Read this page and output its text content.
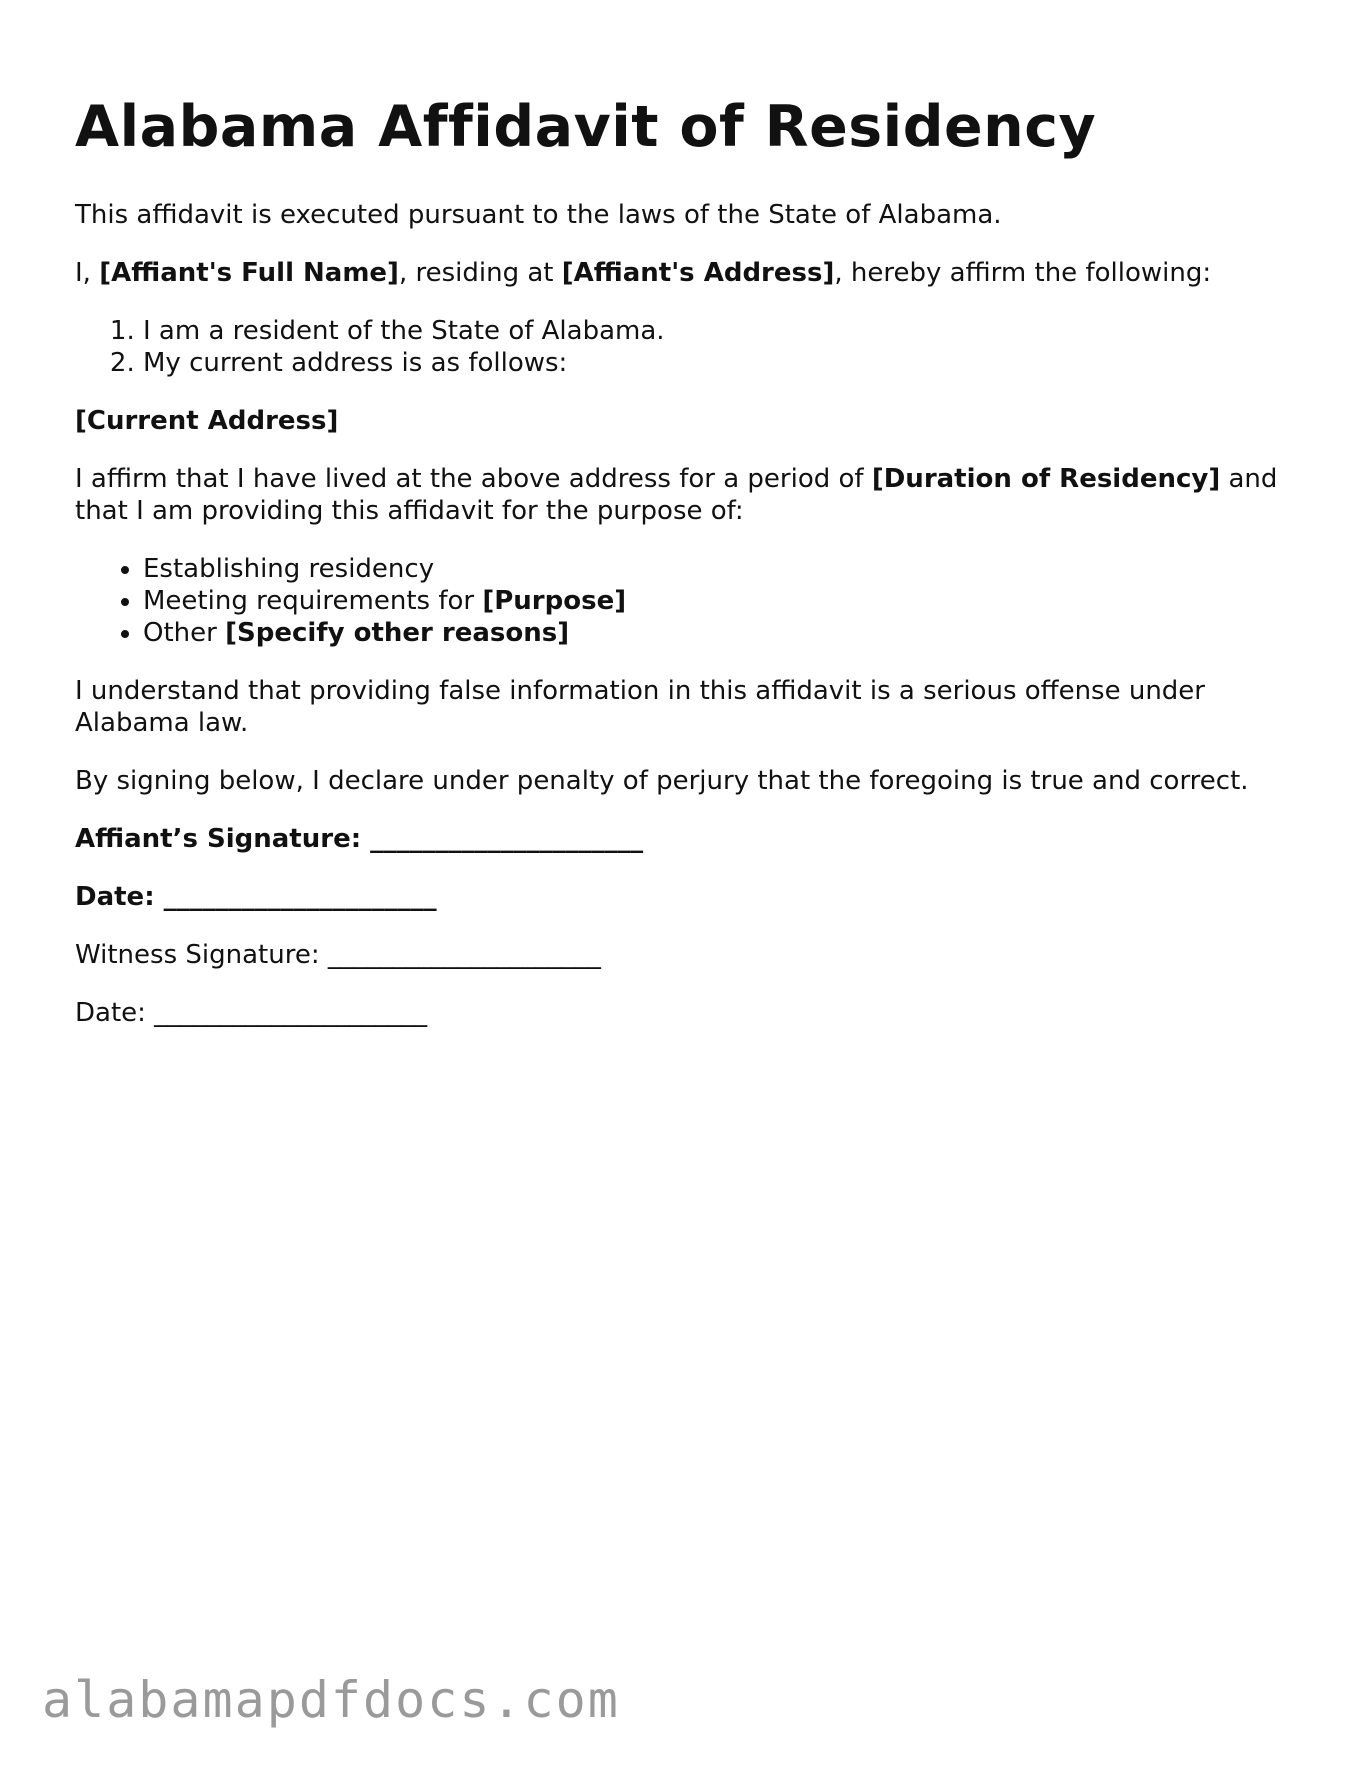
Alabama Affidavit of Residency

This affidavit is executed pursuant to the laws of the State of Alabama.

I, [Affiant's Full Name], residing at [Affiant's Address], hereby affirm the following:

1. I am a resident of the State of Alabama.
2. My current address is as follows:

[Current Address]

I affirm that I have lived at the above address for a period of [Duration of Residency] and that I am providing this affidavit for the purpose of:

• Establishing residency
• Meeting requirements for [Purpose]
• Other [Specify other reasons]

I understand that providing false information in this affidavit is a serious offense under Alabama law.

By signing below, I declare under penalty of perjury that the foregoing is true and correct.

Affiant’s Signature: _____________________

Date: _____________________

Witness Signature: _____________________

Date: _____________________

alabamapdfdocs.com
